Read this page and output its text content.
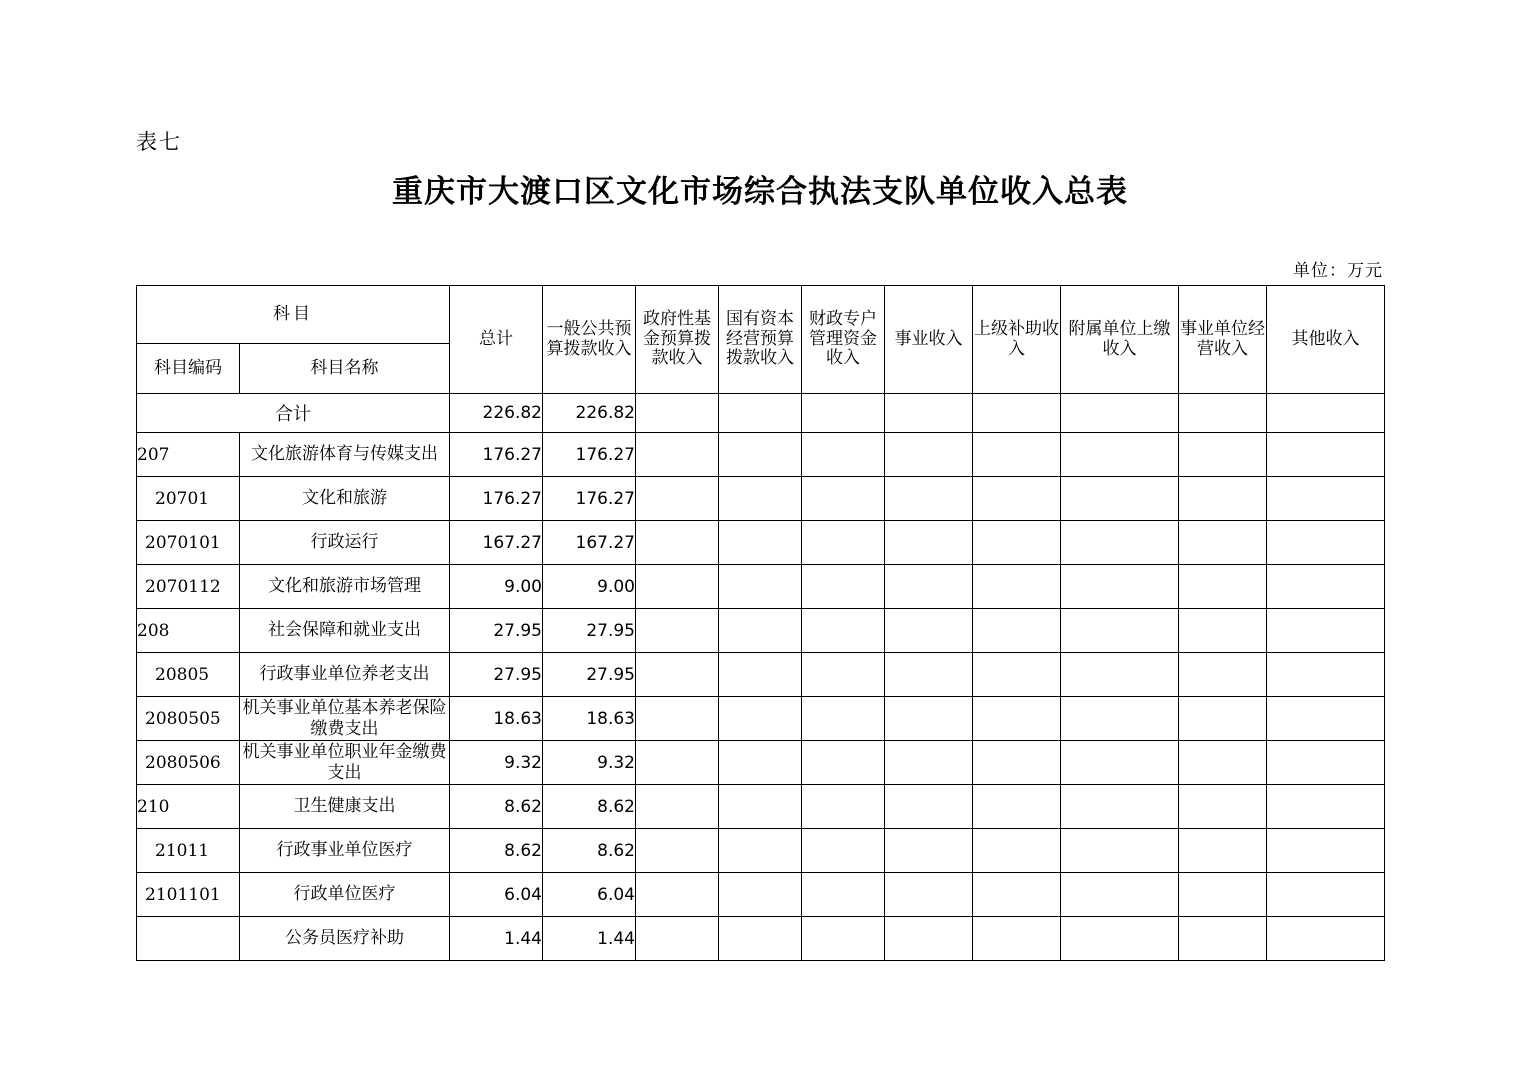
表七
重庆市大渡口区文化市场综合执法支队单位收入总表
单位：万元
科目		总计	一般公共预算拨款收入	政府性基金预算拨款收入	国有资本经营预算拨款收入	财政专户管理资金收入	事业收入	上级补助收入	附属单位上缴收入	事业单位经营收入	其他收入
科目编码	科目名称										
合计		226.82	226.82								
207	文化旅游体育与传媒支出	176.27	176.27								
20701	文化和旅游	176.27	176.27								
2070101	行政运行	167.27	167.27								
2070112	文化和旅游市场管理	9.00	9.00								
208	社会保障和就业支出	27.95	27.95								
20805	行政事业单位养老支出	27.95	27.95								
2080505	机关事业单位基本养老保险缴费支出	18.63	18.63								
2080506	机关事业单位职业年金缴费支出	9.32	9.32								
210	卫生健康支出	8.62	8.62								
21011	行政事业单位医疗	8.62	8.62								
2101101	行政单位医疗	6.04	6.04								
	公务员医疗补助	1.44	1.44								
